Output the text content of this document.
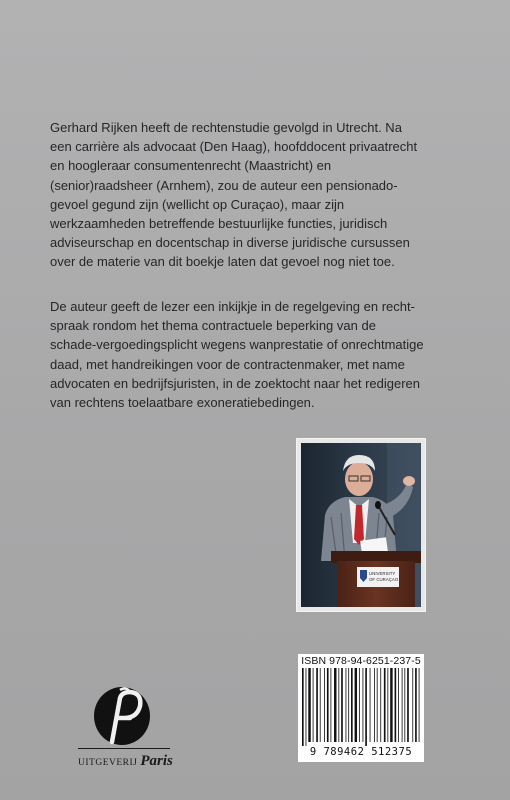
Gerhard Rijken heeft de rechtenstudie gevolgd in Utrecht. Na een carrière als advocaat (Den Haag), hoofddocent privaatrecht en hoogleraar consumentenrecht (Maastricht) en (senior)raadsheer (Arnhem), zou de auteur een pensionado-gevoel gegund zijn (wellicht op Curaçao), maar zijn werkzaamheden betreffende bestuurlijke functies, juridisch adviseurschap en docentschap in diverse juridische cursussen over de materie van dit boekje laten dat gevoel nog niet toe.

De auteur geeft de lezer een inkijkje in de regelgeving en recht-spraak rondom het thema contractuele beperking van de schade-vergoedingsplicht wegens wanprestatie of onrechtmatige daad, met handreikingen voor de contractenmaker, met name advocaten en bedrijfsjuristen, in de zoektocht naar het redigeren van rechtens toelaatbare exoneratiebedingen.

UNIVERSITY
OF CURAÇAO
ISBN 978-94-6251-237-5
9 789462 512375
UITGEVERIJ Paris
